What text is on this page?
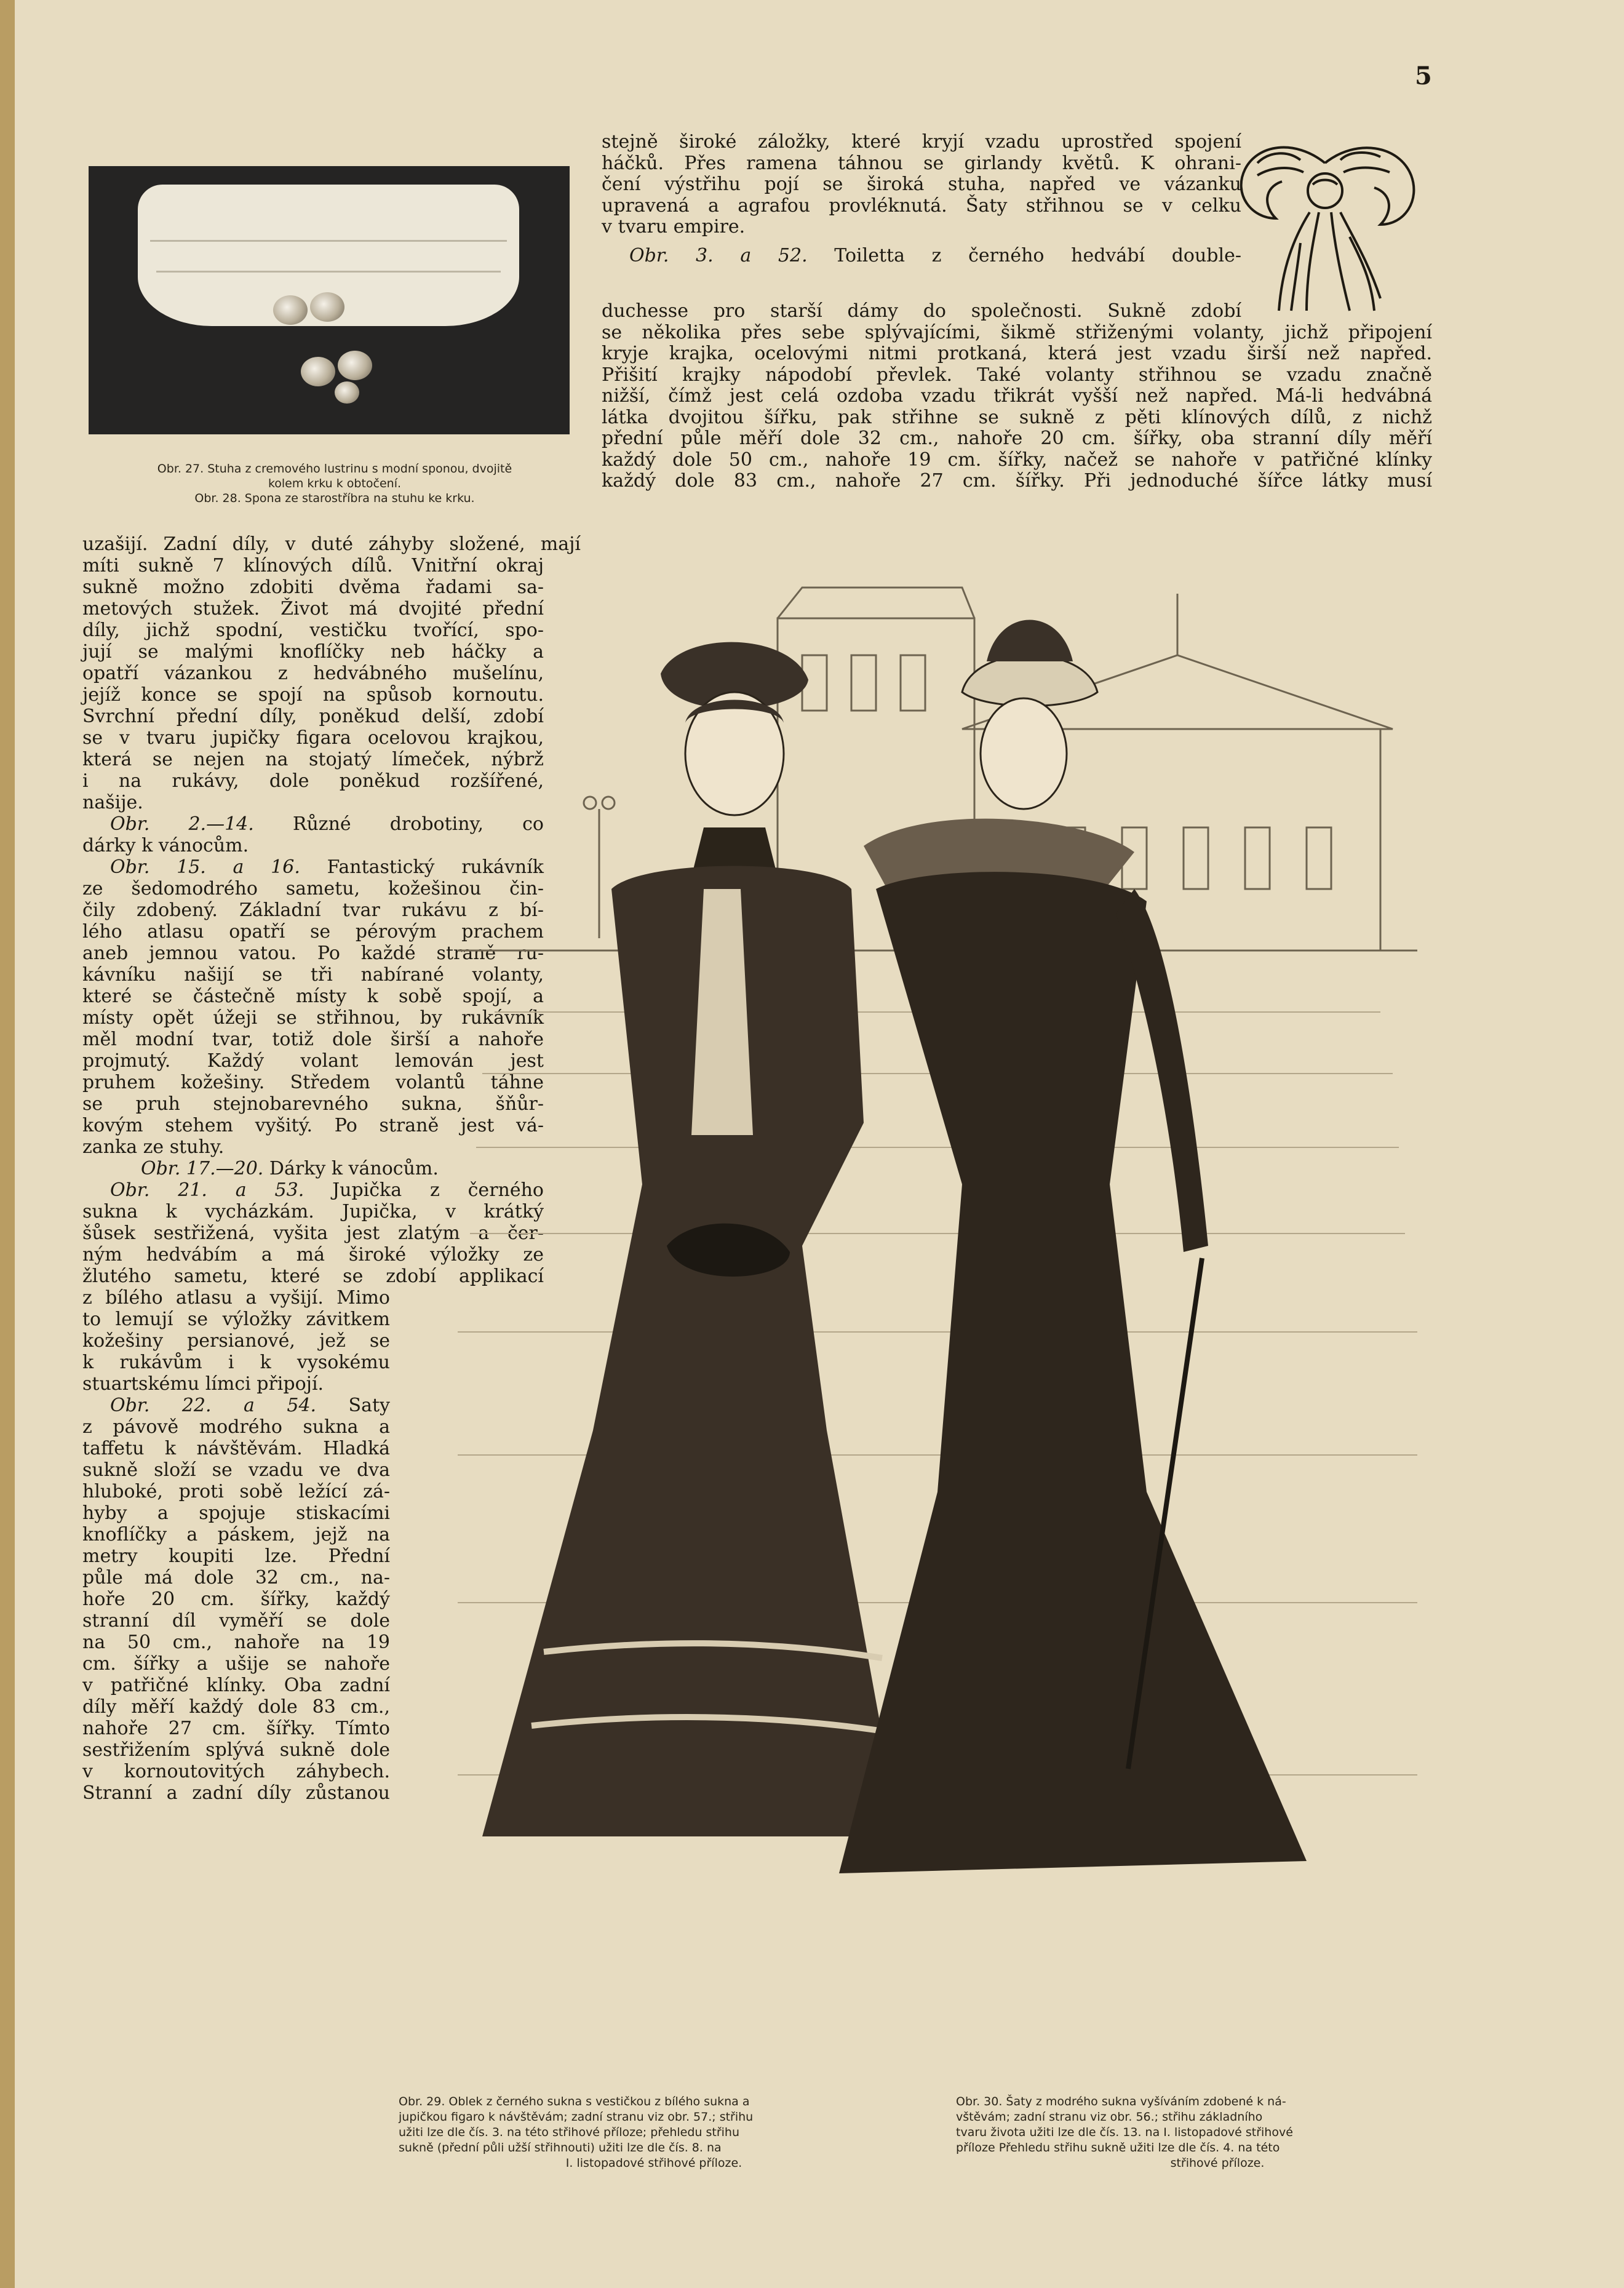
5
Obr. 27. Stuha z cremového lustrinu s modní sponou, dvojitě
kolem krku k obtočení.
Obr. 28. Spona ze starostříbra na stuhu ke krku.

stejně široké záložky, které kryjí vzadu uprostřed spojení

háčků. Přes ramena táhnou se girlandy květů. K ohrani-

čení výstřihu pojí se široká stuha, napřed ve vázanku

upravená a agrafou provléknutá. Šaty střihnou se v celku

v tvaru empire.

Obr. 3. a 52. Toiletta z černého hedvábí double-

duchesse pro starší dámy do společnosti. Sukně zdobí

se několika přes sebe splývajícími, šikmě střiženými volanty, jichž připojení

kryje krajka, ocelovými nitmi protkaná, která jest vzadu širší než napřed.

Přišití krajky nápodobí převlek. Také volanty střihnou se vzadu značně

nižší, čímž jest celá ozdoba vzadu třikrát vyšší než napřed. Má-li hedvábná

látka dvojitou šířku, pak střihne se sukně z pěti klínových dílů, z nichž

přední půle měří dole 32 cm., nahoře 20 cm. šířky, oba stranní díly měří

každý dole 50 cm., nahoře 19 cm. šířky, načež se nahoře v patřičné klínky

každý dole 83 cm., nahoře 27 cm. šířky. Při jednoduché šířce látky musí

uzašijí. Zadní díly, v duté záhyby složené, mají

míti sukně 7 klínových dílů. Vnitřní okraj

sukně možno zdobiti dvěma řadami sa-

metových stužek. Život má dvojité přední

díly, jichž spodní, vestičku tvořící, spo-

jují se malými knoflíčky neb háčky a

opatří vázankou z hedvábného mušelínu,

jejíž konce se spojí na spůsob kornoutu.

Svrchní přední díly, poněkud delší, zdobí

se v tvaru jupičky figara ocelovou krajkou,

která se nejen na stojatý límeček, nýbrž

i na rukávy, dole poněkud rozšířené,

našije.

Obr. 2.—14. Různé drobotiny, co

dárky k vánocům.

Obr. 15. a 16. Fantastický rukávník

ze šedomodrého sametu, kožešinou čin-

čily zdobený. Základní tvar rukávu z bí-

lého atlasu opatří se pérovým prachem

aneb jemnou vatou. Po každé straně ru-

kávníku našijí se tři nabírané volanty,

které se částečně místy k sobě spojí, a

místy opět úžeji se střihnou, by rukávník

měl modní tvar, totiž dole širší a nahoře

projmutý. Každý volant lemován jest

pruhem kožešiny. Středem volantů táhne

se pruh stejnobarevného sukna, šňůr-

kovým stehem vyšitý. Po straně jest vá-

zanka ze stuhy.

Obr. 17.—20. Dárky k vánocům.

Obr. 21. a 53. Jupička z černého

sukna k vycházkám. Jupička, v krátký

šůsek sestřižená, vyšita jest zlatým a čer-

ným hedvábím a má široké výložky ze

žlutého sametu, které se zdobí applikací

z bílého atlasu a vyšijí. Mimo

to lemují se výložky závitkem

kožešiny persianové, jež se

k rukávům i k vysokému

stuartskému límci připojí.

Obr. 22. a 54. Saty

z pávově modrého sukna a

taffetu k návštěvám. Hladká

sukně složí se vzadu ve dva

hluboké, proti sobě ležící zá-

hyby a spojuje stiskacími

knoflíčky a páskem, jejž na

metry koupiti lze. Přední

půle má dole 32 cm., na-

hoře 20 cm. šířky, každý

stranní díl vyměří se dole

na 50 cm., nahoře na 19

cm. šířky a ušije se nahoře

v patřičné klínky. Oba zadní

díly měří každý dole 83 cm.,

nahoře 27 cm. šířky. Tímto

sestřižením splývá sukně dole

v kornoutovitých záhybech.

Stranní a zadní díly zůstanou

Obr. 29. Oblek z černého sukna s vestičkou z bílého sukna a
jupičkou figaro k návštěvám; zadní stranu viz obr. 57.; střihu
užiti lze dle čís. 3. na této střihové příloze; přehledu střihu
sukně (přední půli užší střihnouti) užiti lze dle čís. 8. na
I. listopadové střihové příloze.
Obr. 30. Šaty z modrého sukna vyšíváním zdobené k ná-
vštěvám; zadní stranu viz obr. 56.; střihu základního
tvaru života užiti lze dle čís. 13. na I. listopadové střihové
příloze Přehledu střihu sukně užiti lze dle čís. 4. na této
střihové příloze.
